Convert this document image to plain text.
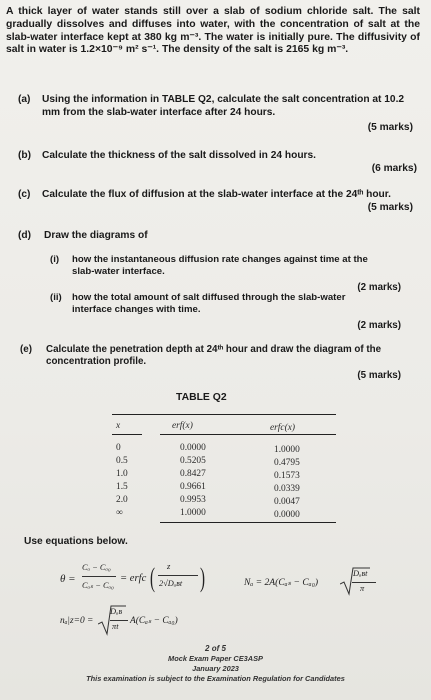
A thick layer of water stands still over a slab of sodium chloride salt. The salt gradually dissolves and diffuses into water, with the concentration of salt at the slab-water interface kept at 380 kg m⁻³. The water is initially pure. The diffusivity of salt in water is 1.2×10⁻⁹ m² s⁻¹. The density of the salt is 2165 kg m⁻³.
(a) Using the information in TABLE Q2, calculate the salt concentration at 10.2 mm from the slab-water interface after 24 hours.
(5 marks)
(b) Calculate the thickness of the salt dissolved in 24 hours.
(6 marks)
(c) Calculate the flux of diffusion at the slab-water interface at the 24ᵗʰ hour.
(5 marks)
(d) Draw the diagrams of
(i) how the instantaneous diffusion rate changes against time at the slab-water interface.
(2 marks)
(ii) how the total amount of salt diffused through the slab-water interface changes with time.
(2 marks)
(e) Calculate the penetration depth at 24ᵗʰ hour and draw the diagram of the concentration profile.
(5 marks)
TABLE Q2
x	erf(x)	erfc(x)
0	0.0000	1.0000
0.5	0.5205	0.4795
1.0	0.8427	0.1573
1.5	0.9661	0.0339
2.0	0.9953	0.0047
∞	1.0000	0.0000
Use equations below.
θ =
Cₐ − Cₐ₀
Cₐₛ − Cₐ₀
= erfc ( z
2√Dₐʙt )	Nₐ = 2A(Cₐₛ − Cₐ₀)
Dₐʙt
π
nₐ|z=0 =
Dₐʙ
πt
A(Cₐₛ − Cₐ₀)
2 of 5
Mock Exam Paper CE3ASP
January 2023
This examination is subject to the Examination Regulation for Candidates
